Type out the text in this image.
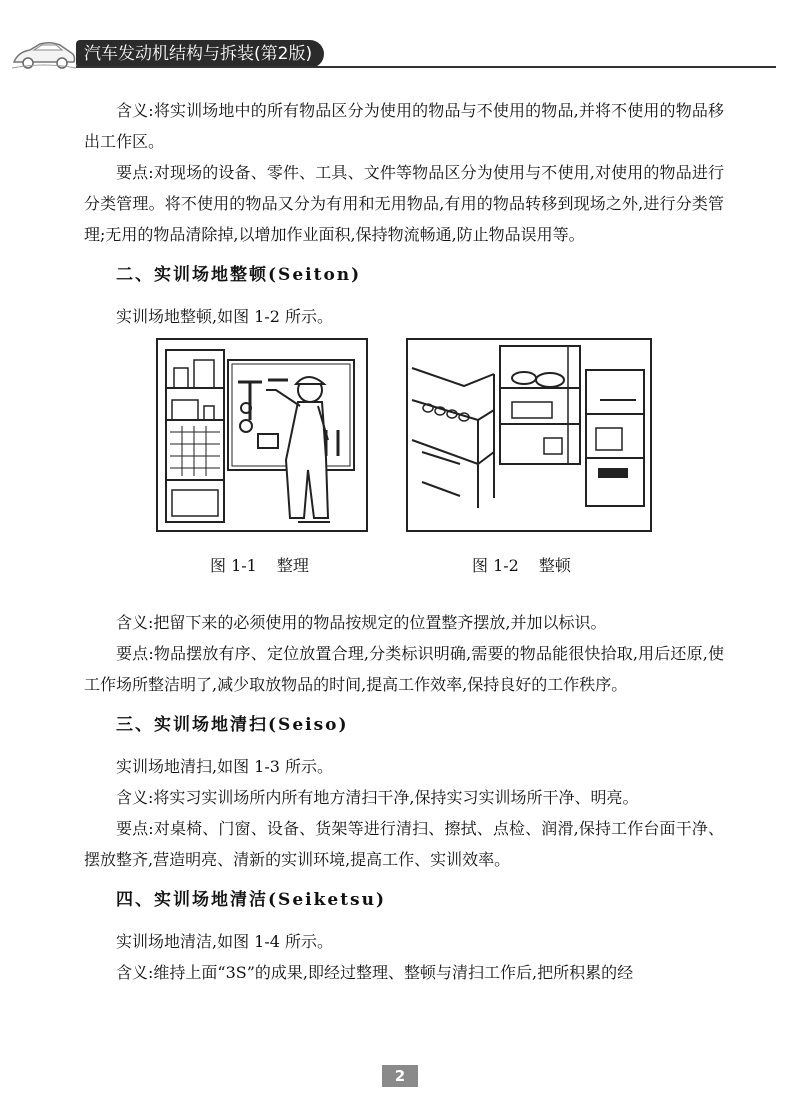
汽车发动机结构与拆装(第2版)

含义:将实训场地中的所有物品区分为使用的物品与不使用的物品,并将不使用的物品移出工作区。

要点:对现场的设备、零件、工具、文件等物品区分为使用与不使用,对使用的物品进行分类管理。将不使用的物品又分为有用和无用物品,有用的物品转移到现场之外,进行分类管理;无用的物品清除掉,以增加作业面积,保持物流畅通,防止物品误用等。

二、实训场地整顿(Seiton)

实训场地整顿,如图 1-2 所示。

图 1-1 整理	图 1-2 整顿

含义:把留下来的必须使用的物品按规定的位置整齐摆放,并加以标识。

要点:物品摆放有序、定位放置合理,分类标识明确,需要的物品能很快拾取,用后还原,使工作场所整洁明了,减少取放物品的时间,提高工作效率,保持良好的工作秩序。

三、实训场地清扫(Seiso)

实训场地清扫,如图 1-3 所示。

含义:将实习实训场所内所有地方清扫干净,保持实习实训场所干净、明亮。

要点:对桌椅、门窗、设备、货架等进行清扫、擦拭、点检、润滑,保持工作台面干净、摆放整齐,营造明亮、清新的实训环境,提高工作、实训效率。

四、实训场地清洁(Seiketsu)

实训场地清洁,如图 1-4 所示。

含义:维持上面“3S”的成果,即经过整理、整顿与清扫工作后,把所积累的经

2
